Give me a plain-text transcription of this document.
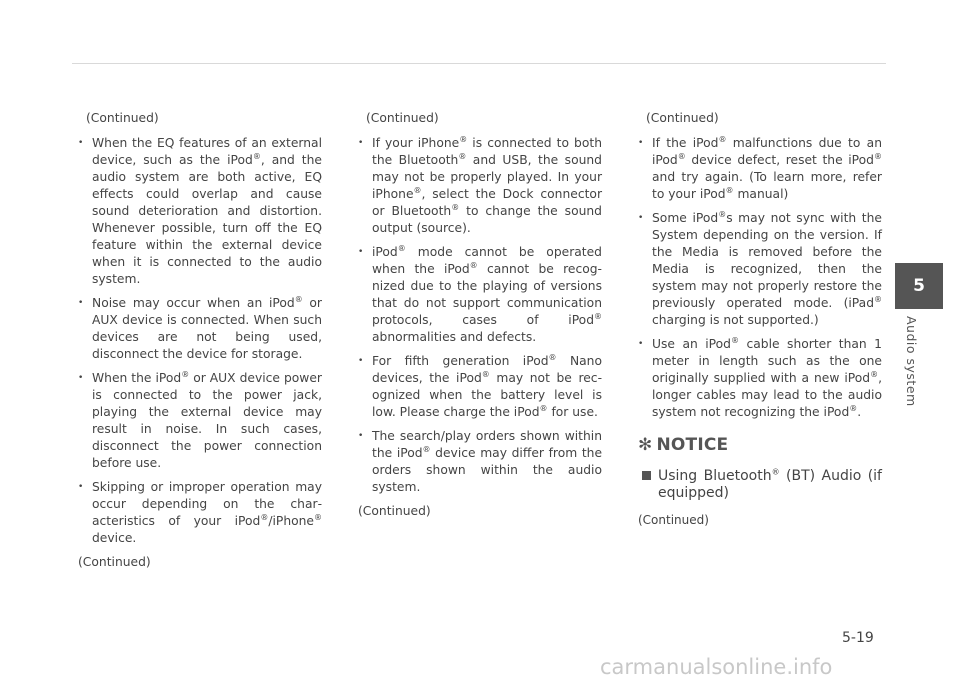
(Continued)

• When the EQ features of an external device, such as the iPod®, and the audio system are both active, EQ effects could overlap and cause sound deterioration and distortion. Whenever possible, turn off the EQ feature within the external device when it is connected to the audio system.
• Noise may occur when an iPod® or AUX device is connected. When such devices are not being used, disconnect the device for storage.
• When the iPod® or AUX device power is connected to the power jack, playing the external device may result in noise. In such cases, disconnect the power connection before use.
• Skipping or improper operation may occur depending on the characteristics of your iPod®/iPhone® device.

(Continued)

(Continued)

• If your iPhone® is connected to both the Bluetooth® and USB, the sound may not be properly played. In your iPhone®, select the Dock connector or Bluetooth® to change the sound output (source).
• iPod® mode cannot be operated when the iPod® cannot be recognized due to the playing of versions that do not support communication protocols, cases of iPod® abnormalities and defects.
• For fifth generation iPod® Nano devices, the iPod® may not be recognized when the battery level is low. Please charge the iPod® for use.
• The search/play orders shown within the iPod® device may differ from the orders shown within the audio system.

(Continued)

(Continued)

• If the iPod® malfunctions due to an iPod® device defect, reset the iPod® and try again. (To learn more, refer to your iPod® manual)
• Some iPod®s may not sync with the System depending on the version. If the Media is removed before the Media is recognized, then the system may not properly restore the previously operated mode. (iPad® charging is not supported.)
• Use an iPod® cable shorter than 1 meter in length such as the one originally supplied with a new iPod®, longer cables may lead to the audio system not recognizing the iPod®.
✻ NOTICE
Using Bluetooth® (BT) Audio (if equipped)

(Continued)

5
Audio system
5-19
carmanualsonline.info
